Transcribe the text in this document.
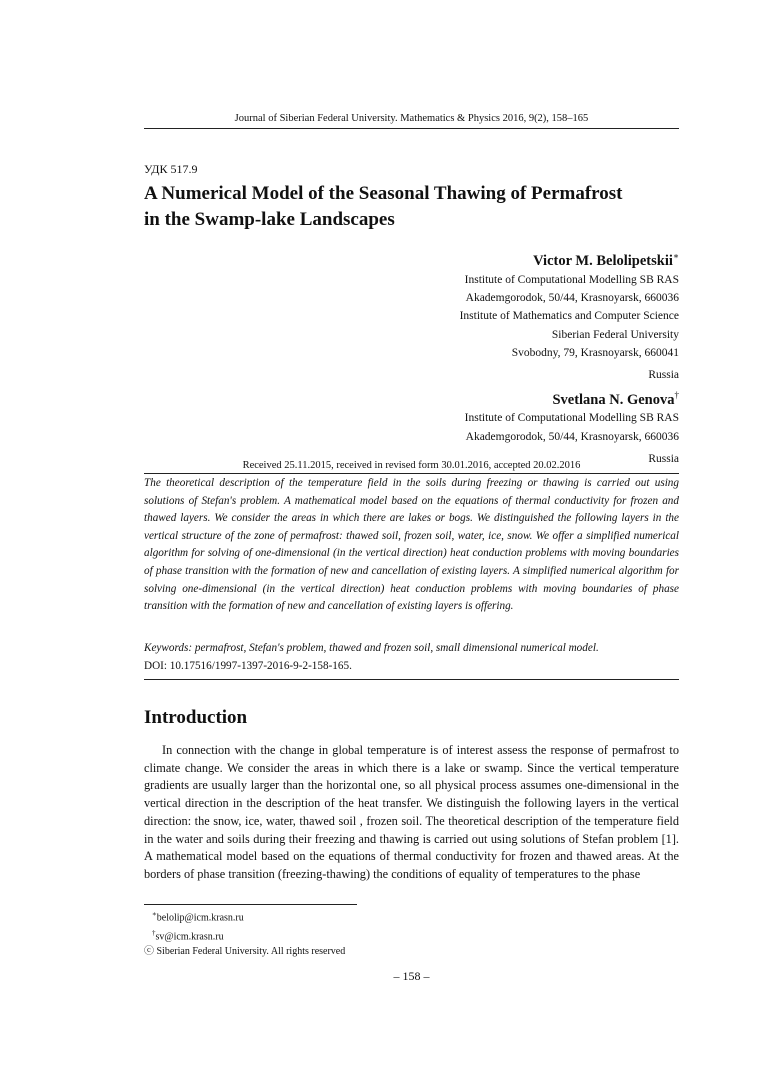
Journal of Siberian Federal University. Mathematics & Physics 2016, 9(2), 158–165
УДК 517.9
A Numerical Model of the Seasonal Thawing of Permafrost
in the Swamp-lake Landscapes
Victor M. Belolipetskii∗
Institute of Computational Modelling SB RAS
Akademgorodok, 50/44, Krasnoyarsk, 660036
Institute of Mathematics and Computer Science
Siberian Federal University
Svobodny, 79, Krasnoyarsk, 660041
Russia
Svetlana N. Genova†
Institute of Computational Modelling SB RAS
Akademgorodok, 50/44, Krasnoyarsk, 660036
Russia
Received 25.11.2015, received in revised form 30.01.2016, accepted 20.02.2016

The theoretical description of the temperature field in the soils during freezing or thawing is carried out using solutions of Stefan's problem. A mathematical model based on the equations of thermal conductivity for frozen and thawed layers. We consider the areas in which there are lakes or bogs. We distinguished the following layers in the vertical structure of the zone of permafrost: thawed soil, frozen soil, water, ice, snow. We offer a simplified numerical algorithm for solving of one-dimensional (in the vertical direction) heat conduction problems with moving boundaries of phase transition with the formation of new and cancellation of existing layers. A simplified numerical algorithm for solving one-dimensional (in the vertical direction) heat conduction problems with moving boundaries of phase transition with the formation of new and cancellation of existing layers is offering.

Keywords: permafrost, Stefan's problem, thawed and frozen soil, small dimensional numerical model.
DOI: 10.17516/1997-1397-2016-9-2-158-165.
Introduction

In connection with the change in global temperature is of interest assess the response of permafrost to climate change. We consider the areas in which there is a lake or swamp. Since the vertical temperature gradients are usually larger than the horizontal one, so all physical process assumes one-dimensional in the vertical direction in the description of the heat transfer. We distinguish the following layers in the vertical direction: the snow, ice, water, thawed soil , frozen soil. The theoretical description of the temperature field in the water and soils during their freezing and thawing is carried out using solutions of Stefan problem [1]. A mathematical model based on the equations of thermal conductivity for frozen and thawed areas. At the borders of phase transition (freezing-thawing) the conditions of equality of temperatures to the phase

∗belolip@icm.krasn.ru
†sv@icm.krasn.ru
ⓒ Siberian Federal University. All rights reserved
– 158 –
